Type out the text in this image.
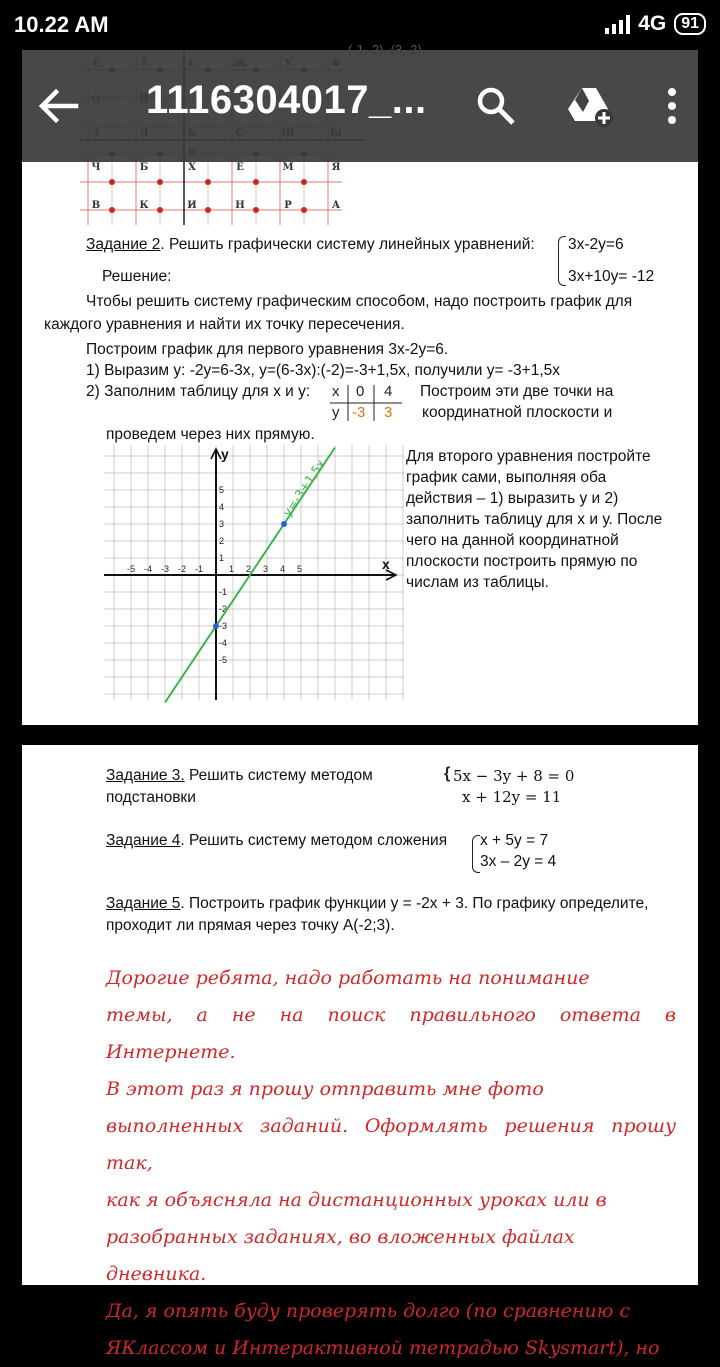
10.22 AM	4G 91
Ч	Б	Х	Ё	М	Я
В	К	И	Н	Р	А
Задание 2. Решить графически систему линейных уравнений: 3x-2y=6
3x+10y= -12
Решение:
Чтобы решить систему графическим способом, надо построить график для
каждого уравнения и найти их точку пересечения.
Построим график для первого уравнения 3х-2у=6.
1) Выразим у: -2у=6-3х, у=(6-3х):(-2)=-3+1,5х, получили у= -3+1,5х
2) Заполним таблицу для х и у: х 0 4
у -3 3
Построим эти две точки на
координатной плоскости и
проведем через них прямую.
x
y
-5 -4 -3 -2 -1	1 2 3 4 5
5
4
3
2
1
-1
-2
-3
-4
-5
у=-3+1,5х
Для второго уравнения постройте
график сами, выполняя оба
действия – 1) выразить у и 2)
заполнить таблицу для х и у. После
чего на данной координатной
плоскости построить прямую по
числам из таблицы.
1116304017_...
Задание 3. Решить систему методом
подстановки
{ 5x − 3y + 8 = 0
x + 12y = 11
Задание 4. Решить систему методом сложения x + 5y = 7
3x – 2y = 4
Задание 5. Построить график функции у = -2х + 3. По графику определите,
проходит ли прямая через точку А(-2;3).
Дорогие ребята, надо работать на понимание
темы, а не на поиск правильного ответа в Интернете.
В этот раз я прошу отправить мне фото
выполненных заданий. Оформлять решения прошу так,
как я объясняла на дистанционных уроках или в
разобранных заданиях, во вложенных файлах
дневника.
Да, я опять буду проверять долго (по сравнению с
ЯКлассом и Интерактивной тетрадью Skysmart), но
